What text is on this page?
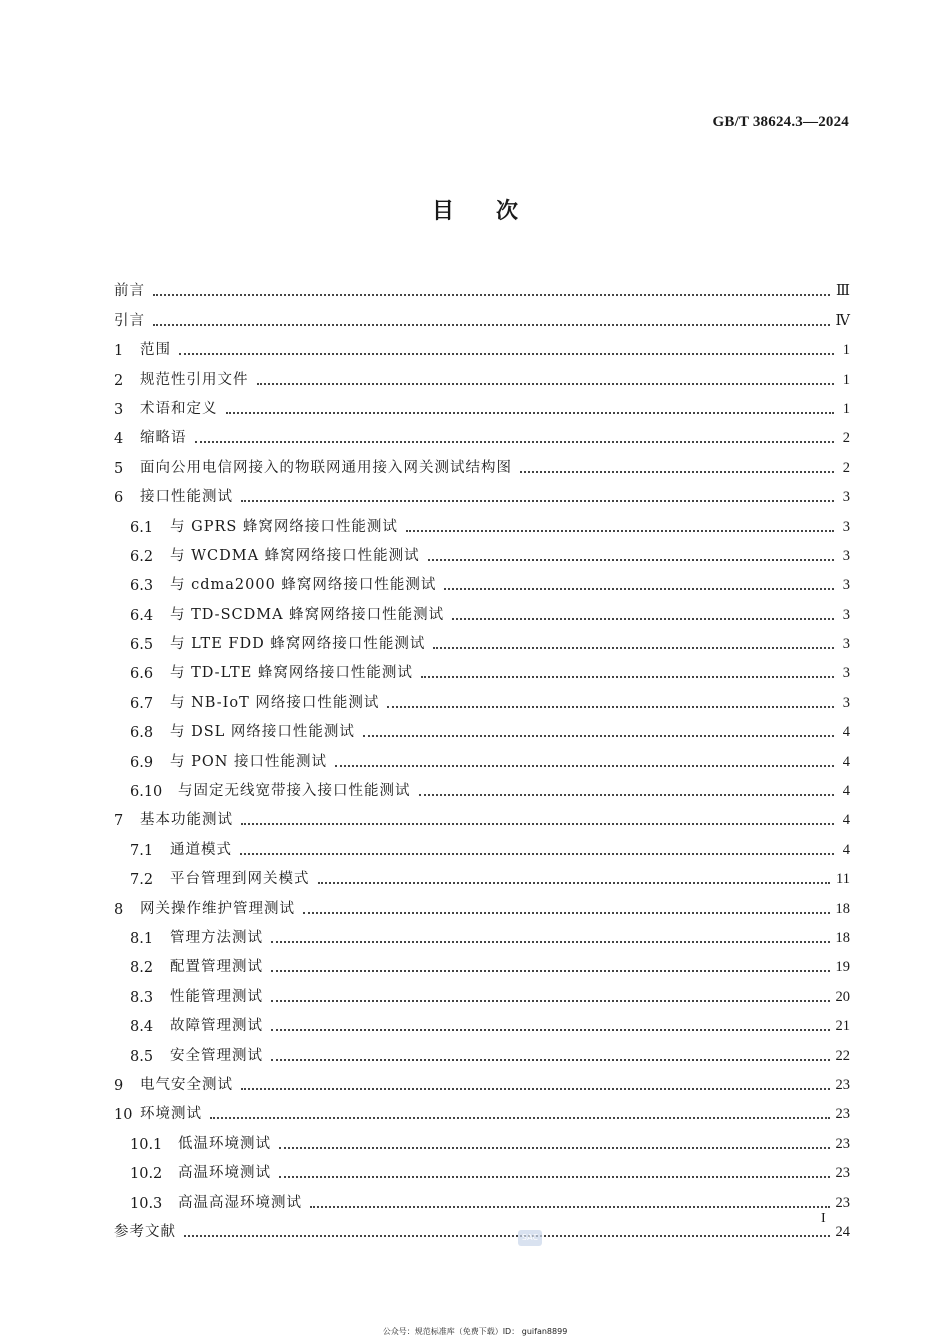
GB/T 38624.3—2024
目次
前言	Ⅲ
引言	Ⅳ
1	范围	1
2	规范性引用文件	1
3	术语和定义	1
4	缩略语	2
5	面向公用电信网接入的物联网通用接入网关测试结构图	2
6	接口性能测试	3
6.1	与 GPRS 蜂窝网络接口性能测试	3
6.2	与 WCDMA 蜂窝网络接口性能测试	3
6.3	与 cdma2000 蜂窝网络接口性能测试	3
6.4	与 TD-SCDMA 蜂窝网络接口性能测试	3
6.5	与 LTE FDD 蜂窝网络接口性能测试	3
6.6	与 TD-LTE 蜂窝网络接口性能测试	3
6.7	与 NB-IoT 网络接口性能测试	3
6.8	与 DSL 网络接口性能测试	4
6.9	与 PON 接口性能测试	4
6.10	与固定无线宽带接入接口性能测试	4
7	基本功能测试	4
7.1	通道模式	4
7.2	平台管理到网关模式	11
8	网关操作维护管理测试	18
8.1	管理方法测试	18
8.2	配置管理测试	19
8.3	性能管理测试	20
8.4	故障管理测试	21
8.5	安全管理测试	22
9	电气安全测试	23
10 环境测试	23
10.1	低温环境测试	23
10.2	高温环境测试	23
10.3	高温高湿环境测试	23
参考文献	24
I
SAC
公众号：规范标准库（免费下载）ID： guifan8899
